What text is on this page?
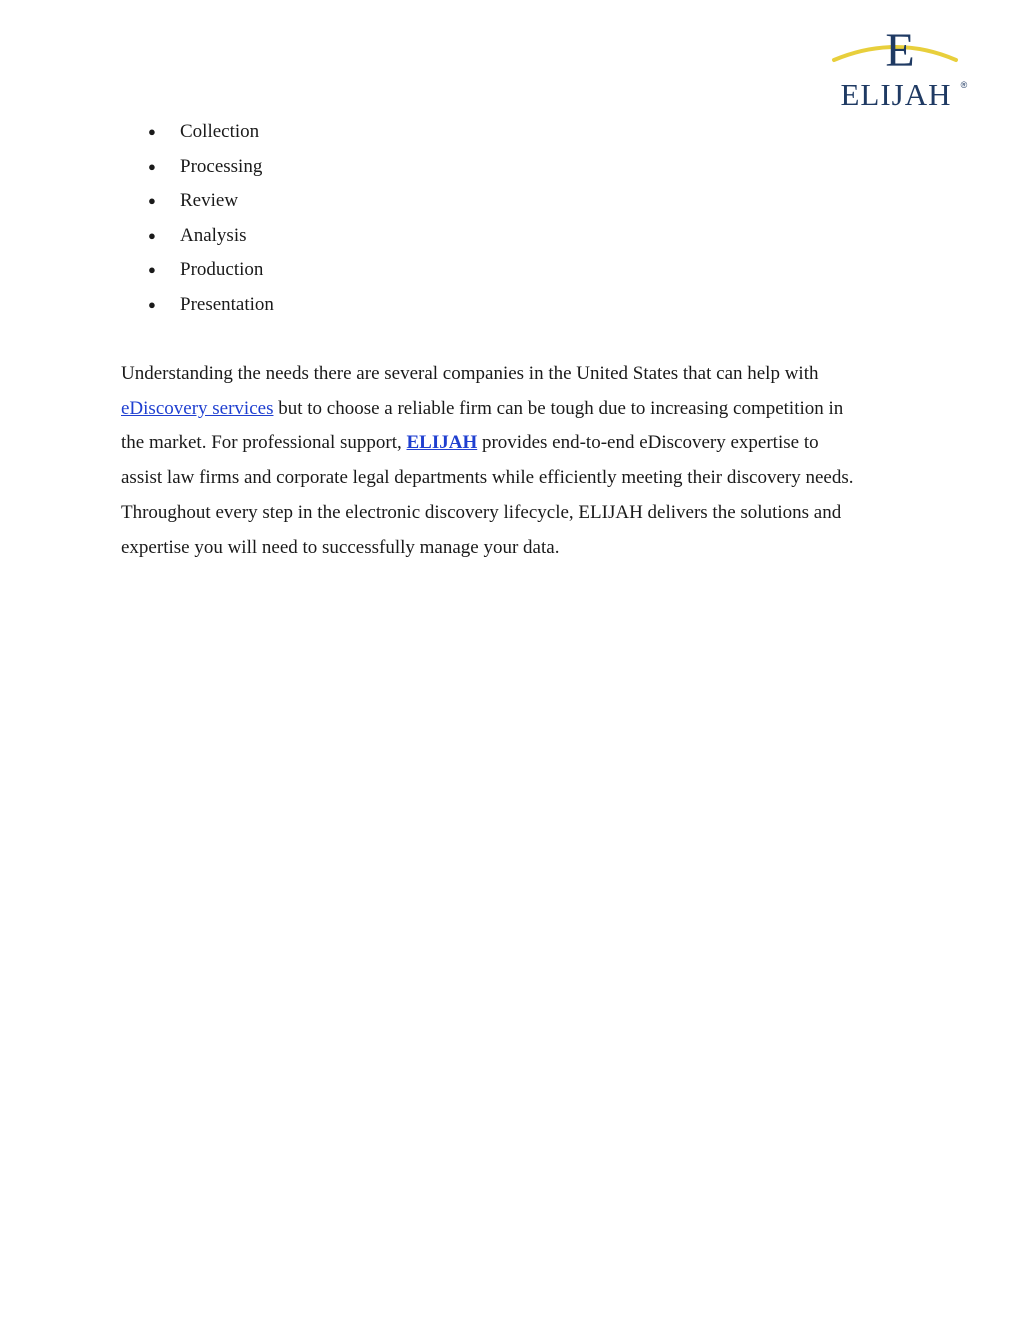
E
ELIJAH ®
● Collection
● Processing
● Review
● Analysis
● Production
● Presentation

Understanding the needs there are several companies in the United States that can help with
eDiscovery services but to choose a reliable firm can be tough due to increasing competition in
the market. For professional support, ELIJAH provides end-to-end eDiscovery expertise to
assist law firms and corporate legal departments while efficiently meeting their discovery needs.
Throughout every step in the electronic discovery lifecycle, ELIJAH delivers the solutions and
expertise you will need to successfully manage your data.
